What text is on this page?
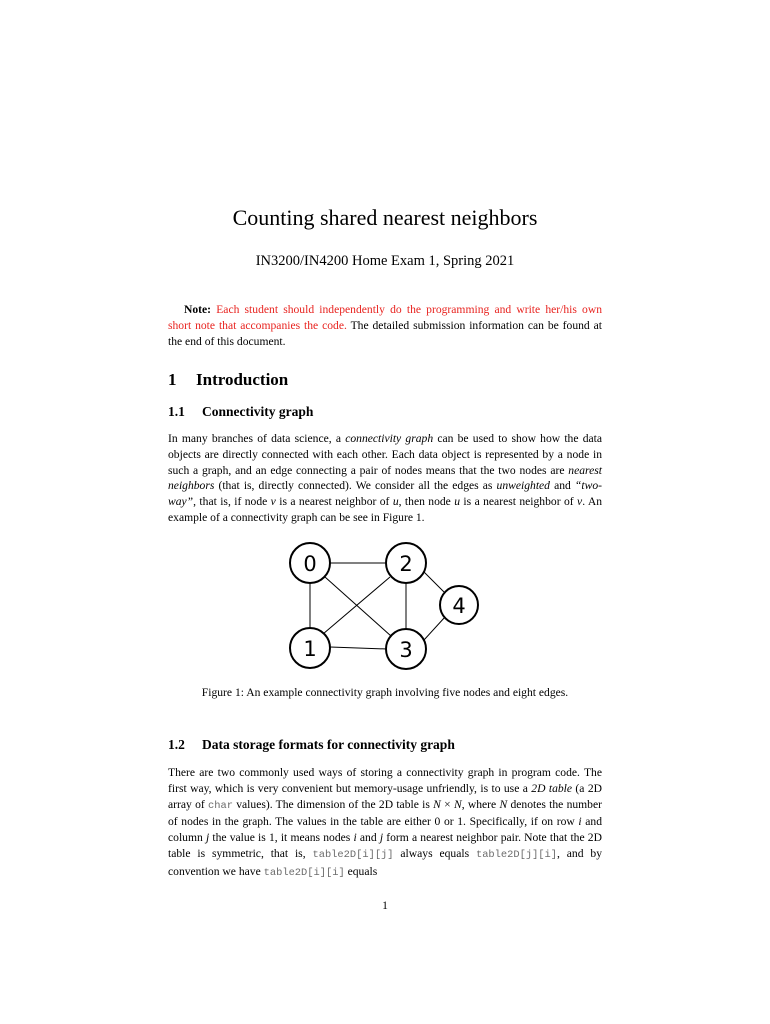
Counting shared nearest neighbors
IN3200/IN4200 Home Exam 1, Spring 2021
Note: Each student should independently do the programming and write her/his own short note that accompanies the code. The detailed submission information can be found at the end of this document.
1 Introduction
1.1 Connectivity graph
In many branches of data science, a connectivity graph can be used to show how the data objects are directly connected with each other. Each data object is represented by a node in such a graph, and an edge connecting a pair of nodes means that the two nodes are nearest neighbors (that is, directly connected). We consider all the edges as unweighted and “two-way”, that is, if node v is a nearest neighbor of u, then node u is a nearest neighbor of v. An example of a connectivity graph can be see in Figure 1.
0
1
2
3
4
Figure 1: An example connectivity graph involving five nodes and eight edges.
1.2 Data storage formats for connectivity graph
There are two commonly used ways of storing a connectivity graph in program code. The first way, which is very convenient but memory-usage unfriendly, is to use a 2D table (a 2D array of char values). The dimension of the 2D table is N × N, where N denotes the number of nodes in the graph. The values in the table are either 0 or 1. Specifically, if on row i and column j the value is 1, it means nodes i and j form a nearest neighbor pair. Note that the 2D table is symmetric, that is, table2D[i][j] always equals table2D[j][i], and by convention we have table2D[i][i] equals
1
